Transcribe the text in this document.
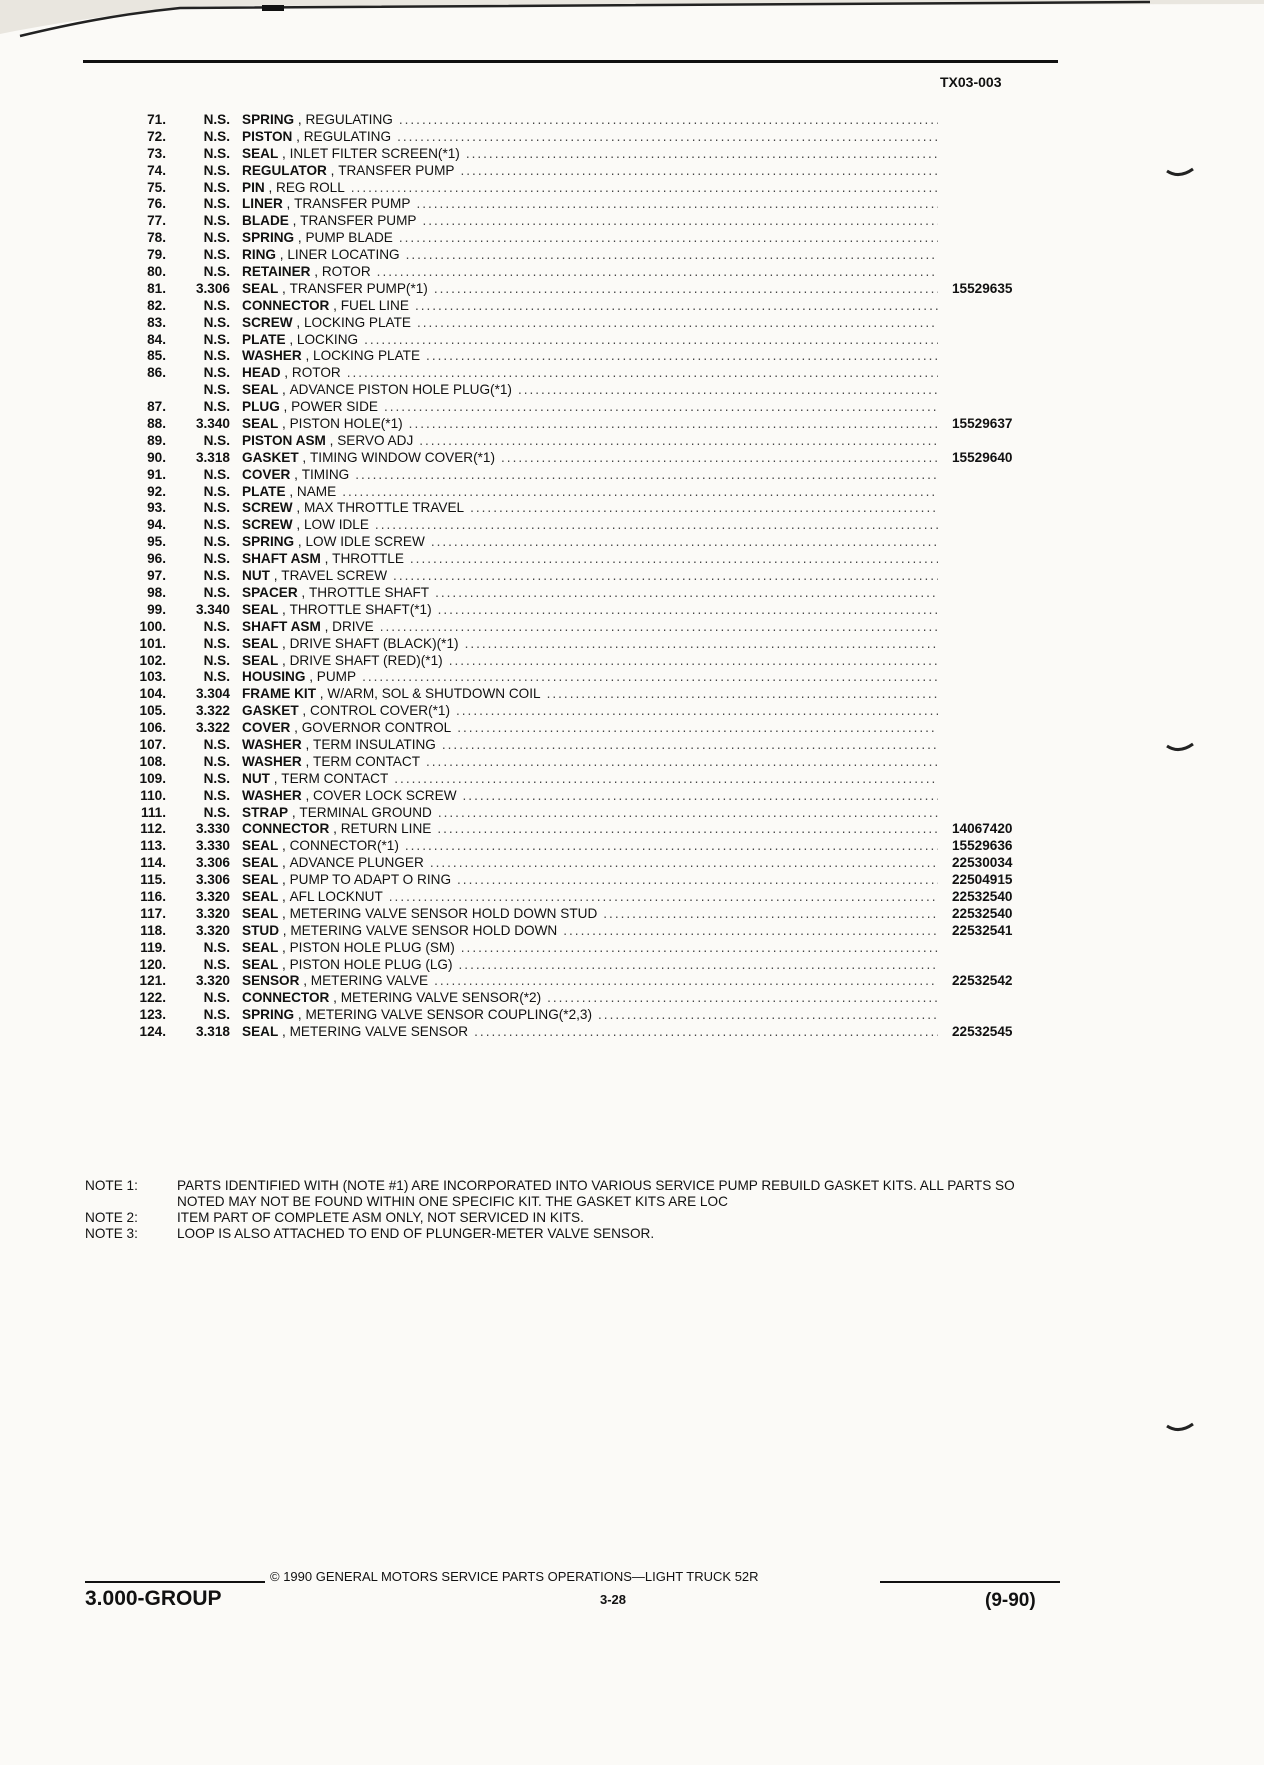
TX03-003
71.	N.S. SPRING , REGULATING
.....
72.	N.S. PISTON , REGULATING
.....
73.	N.S. SEAL , INLET FILTER SCREEN(*1)
.....
74.	N.S. REGULATOR , TRANSFER PUMP
.....
75.	N.S. PIN , REG ROLL
.....
76.	N.S. LINER , TRANSFER PUMP
.....
77.	N.S. BLADE , TRANSFER PUMP
.....
78.	N.S. SPRING , PUMP BLADE
.....
79.	N.S. RING , LINER LOCATING
.....
80.	N.S. RETAINER , ROTOR
.....
81.	3.306 SEAL , TRANSFER PUMP(*1) .....	15529635
82.	N.S. CONNECTOR , FUEL LINE
.....
83.	N.S. SCREW , LOCKING PLATE
.....
84.	N.S. PLATE , LOCKING
.....
85.	N.S. WASHER , LOCKING PLATE
.....
86.	N.S. HEAD , ROTOR
.....
N.S. SEAL , ADVANCE PISTON HOLE PLUG(*1)
.....
87.	N.S. PLUG , POWER SIDE
.....
88.	3.340 SEAL , PISTON HOLE(*1) .....	15529637
89.	N.S. PISTON ASM , SERVO ADJ
.....
90.	3.318 GASKET , TIMING WINDOW COVER(*1) .....	15529640
91.	N.S. COVER , TIMING
.....
92.	N.S. PLATE , NAME
.....
93.	N.S. SCREW , MAX THROTTLE TRAVEL
.....
94.	N.S. SCREW , LOW IDLE
.....
95.	N.S. SPRING , LOW IDLE SCREW
.....
96.	N.S. SHAFT ASM , THROTTLE
.....
97.	N.S. NUT , TRAVEL SCREW
.....
98.	N.S. SPACER , THROTTLE SHAFT
.....
99.	3.340 SEAL , THROTTLE SHAFT(*1)
.....
100.	N.S. SHAFT ASM , DRIVE
.....
101.	N.S. SEAL , DRIVE SHAFT (BLACK)(*1)
.....
102.	N.S. SEAL , DRIVE SHAFT (RED)(*1)
.....
103.	N.S. HOUSING , PUMP
.....
104.	3.304 FRAME KIT , W/ARM, SOL & SHUTDOWN COIL
.....
105.	3.322 GASKET , CONTROL COVER(*1)
.....
106.	3.322 COVER , GOVERNOR CONTROL
.....
107.	N.S. WASHER , TERM INSULATING
.....
108.	N.S. WASHER , TERM CONTACT
.....
109.	N.S. NUT , TERM CONTACT
.....
110.	N.S. WASHER , COVER LOCK SCREW
.....
111.	N.S. STRAP , TERMINAL GROUND
.....
112.	3.330 CONNECTOR , RETURN LINE .....	14067420
113.	3.330 SEAL , CONNECTOR(*1) .....	15529636
114.	3.306 SEAL , ADVANCE PLUNGER .....	22530034
115.	3.306 SEAL , PUMP TO ADAPT O RING .....	22504915
116.	3.320 SEAL , AFL LOCKNUT .....	22532540
117.	3.320 SEAL , METERING VALVE SENSOR HOLD DOWN STUD .....	22532540
118.	3.320 STUD , METERING VALVE SENSOR HOLD DOWN .....	22532541
119.	N.S. SEAL , PISTON HOLE PLUG (SM)
.....
120.	N.S. SEAL , PISTON HOLE PLUG (LG)
.....
121.	3.320 SENSOR , METERING VALVE .....	22532542
122.	N.S. CONNECTOR , METERING VALVE SENSOR(*2)
.....
123.	N.S. SPRING , METERING VALVE SENSOR COUPLING(*2,3)
.....
124.	3.318 SEAL , METERING VALVE SENSOR .....	22532545
NOTE 1:	PARTS IDENTIFIED WITH (NOTE #1) ARE INCORPORATED INTO VARIOUS SERVICE PUMP REBUILD GASKET KITS. ALL PARTS SO NOTED MAY NOT BE FOUND WITHIN ONE SPECIFIC KIT. THE GASKET KITS ARE LOC
NOTE 2:	ITEM PART OF COMPLETE ASM ONLY, NOT SERVICED IN KITS.
NOTE 3:	LOOP IS ALSO ATTACHED TO END OF PLUNGER-METER VALVE SENSOR.
© 1990 GENERAL MOTORS SERVICE PARTS OPERATIONS—LIGHT TRUCK 52R
3.000-GROUP	3-28	(9-90)
